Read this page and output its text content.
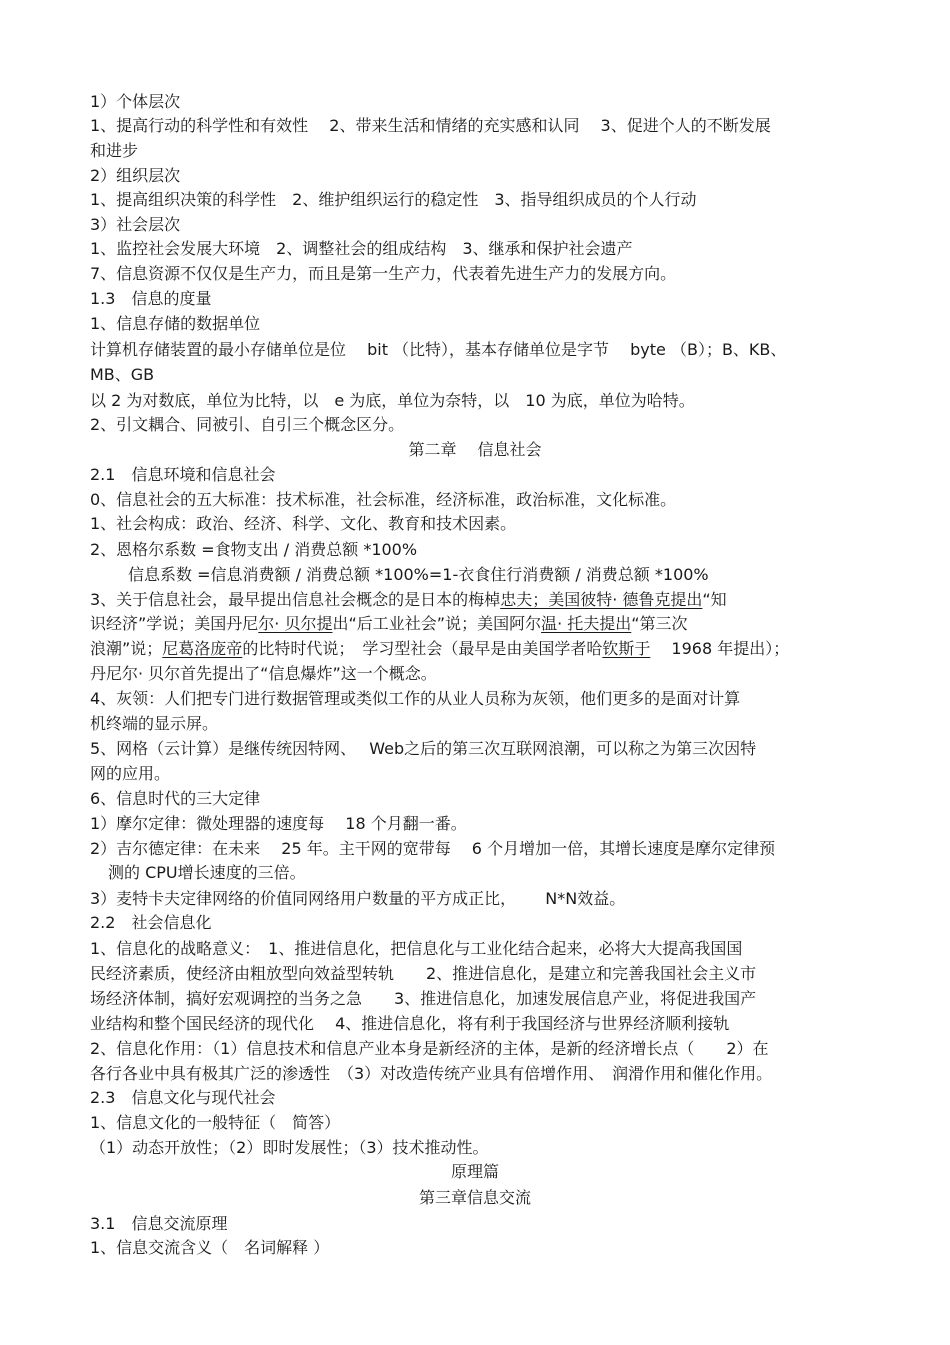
1）个体层次
1、提高行动的科学性和有效性　 2、带来生活和情绪的充实感和认同　 3、促进个人的不断发展
和进步
2）组织层次
1、提高组织决策的科学性　2、维护组织运行的稳定性　3、指导组织成员的个人行动
3）社会层次
1、监控社会发展大环境　2、调整社会的组成结构　3、继承和保护社会遗产
7、信息资源不仅仅是生产力，而且是第一生产力，代表着先进生产力的发展方向。
1.3　信息的度量
1、信息存储的数据单位
计算机存储装置的最小存储单位是位　 bit （比特），基本存储单位是字节　 byte （B）；B、KB、
MB、GB
以 2 为对数底，单位为比特，以　e 为底，单位为奈特，以　10 为底，单位为哈特。
2、引文耦合、同被引、自引三个概念区分。
第二章　 信息社会
2.1　信息环境和信息社会
0、信息社会的五大标准：技术标准，社会标准，经济标准，政治标准，文化标准。
1、社会构成：政治、经济、科学、文化、教育和技术因素。
2、恩格尔系数 =食物支出 / 消费总额 *100%
信息系数 =信息消费额 / 消费总额 *100%=1-衣食住行消费额 / 消费总额 *100%
3、关于信息社会，最早提出信息社会概念的是日本的梅棹忠夫；美国彼特· 德鲁克提出“知
识经济”学说；美国丹尼尔· 贝尔提出“后工业社会”说；美国阿尔温· 托夫提出“第三次
浪潮”说；尼葛洛庞帝的比特时代说；　学习型社会（最早是由美国学者哈钦斯于　 1968 年提出）；
丹尼尔· 贝尔首先提出了“信息爆炸”这一个概念。
4、灰领：人们把专门进行数据管理或类似工作的从业人员称为灰领，他们更多的是面对计算
机终端的显示屏。
5、网格（云计算）是继传统因特网、　 Web之后的第三次互联网浪潮，可以称之为第三次因特
网的应用。
6、信息时代的三大定律
1）摩尔定律：微处理器的速度每　 18 个月翻一番。
2）吉尔德定律：在未来　 25 年。主干网的宽带每　 6 个月增加一倍，其增长速度是摩尔定律预
测的 CPU增长速度的三倍。
3）麦特卡夫定律网络的价值同网络用户数量的平方成正比，　　 N*N效益。
2.2　社会信息化
1、信息化的战略意义：　1、推进信息化，把信息化与工业化结合起来，必将大大提高我国国
民经济素质，使经济由粗放型向效益型转轨　　2、推进信息化，是建立和完善我国社会主义市
场经济体制，搞好宏观调控的当务之急　　3、推进信息化，加速发展信息产业，将促进我国产
业结构和整个国民经济的现代化　 4、推进信息化，将有利于我国经济与世界经济顺利接轨
2、信息化作用：（1）信息技术和信息产业本身是新经济的主体，是新的经济增长点（　　2）在
各行各业中具有极其广泛的渗透性　（3）对改造传统产业具有倍增作用、　润滑作用和催化作用。
2.3　信息文化与现代社会
1、信息文化的一般特征（　简答）
（1）动态开放性；（2）即时发展性；（3）技术推动性。
原理篇
第三章信息交流
3.1　信息交流原理
1、信息交流含义（　名词解释 ）
